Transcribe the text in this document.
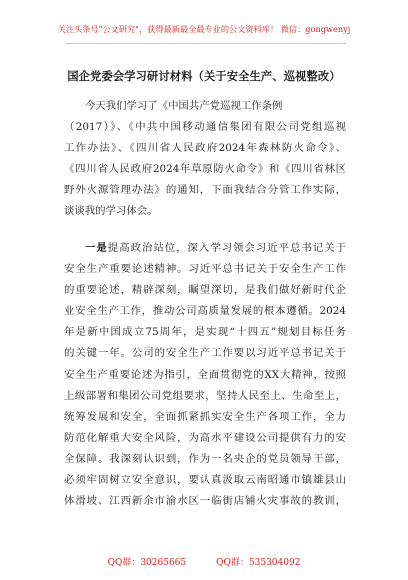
关注头条号"公文研究"，获得最新最全最专业的公文资料库！ 微信：gongwenyj
国企党委会学习研讨材料（关于安全生产、巡视整改）
今天我们学习了《中国共产党巡视工作条例
（2017）》、《中共中国移动通信集团有限公司党组巡视
工作办法》、《四川省人民政府2024年森林防火命令》、
《四川省人民政府2024年草原防火命令》和《四川省林区
野外火源管理办法》的通知，下面我结合分管工作实际，
谈谈我的学习体会。
一是提高政治站位，深入学习领会习近平总书记关于
安全生产重要论述精神。习近平总书记关于安全生产工作
的重要论述，精辟深刻，瞩望深切，是我们做好新时代企
业安全生产工作，推动公司高质量发展的根本遵循。2024
年是新中国成立75周年，是实现“十四五”规划目标任务
的关键一年。公司的安全生产工作要以习近平总书记关于
安全生产重要论述为指引，全面贯彻党的XX大精神，按照
上级部署和集团公司党组要求，坚持人民至上、生命至上，
统筹发展和安全，全面抓紧抓实安全生产各项工作，全力
防范化解重大安全风险，为高水平建设公司提供有力的安
全保障。我深刻认识到，作为一名央企的党员领导干部，
必须牢固树立安全意识，要认真汲取云南昭通市镇雄县山
体滑坡、江西新余市渝水区一临街店铺火灾事故的教训，
QQ群：30265665	QQ群：535304092
